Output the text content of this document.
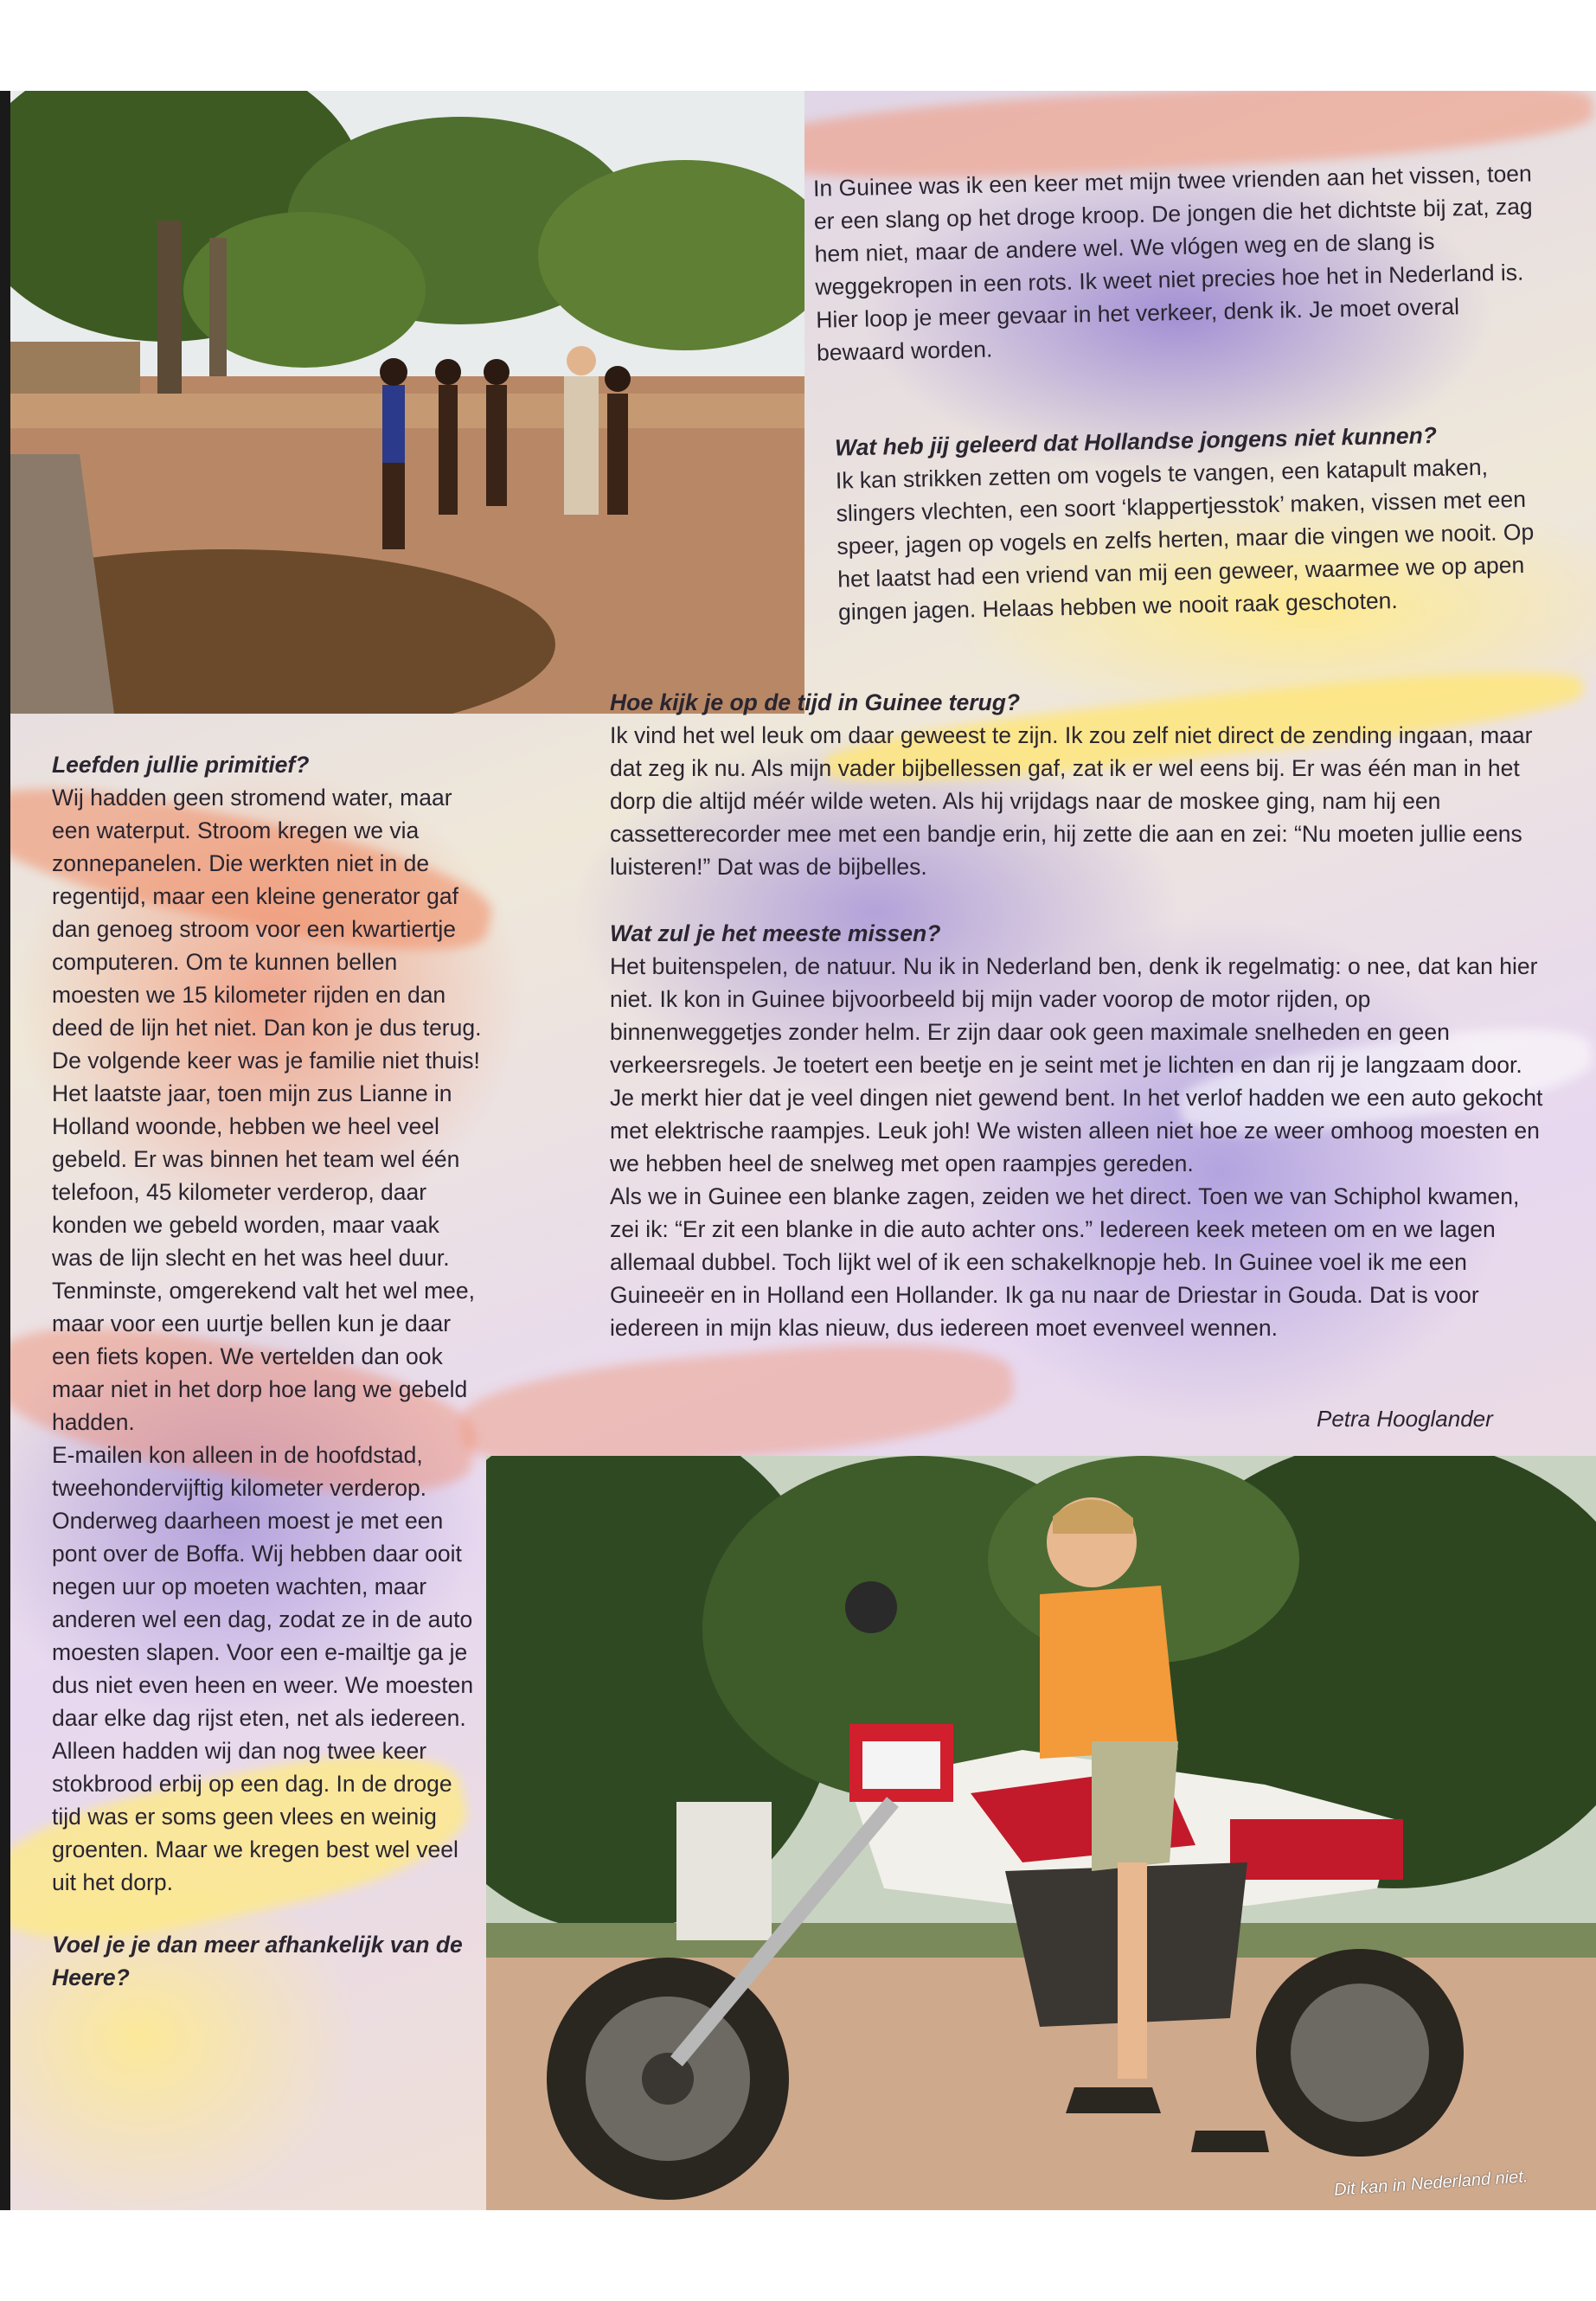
In Guinee was ik een keer met mijn twee vrienden aan het vissen, toen er een slang op het droge kroop. De jongen die het dichtste bij zat, zag hem niet, maar de andere wel. We vlógen weg en de slang is weggekropen in een rots. Ik weet niet precies hoe het in Nederland is. Hier loop je meer gevaar in het verkeer, denk ik. Je moet overal bewaard worden.

Wat heb jij geleerd dat Hollandse jongens niet kunnen?

Ik kan strikken zetten om vogels te vangen, een katapult maken, slingers vlechten, een soort ‘klappertjesstok’ maken, vissen met een speer, jagen op vogels en zelfs herten, maar die vingen we nooit. Op het laatst had een vriend van mij een geweer, waarmee we op apen gingen jagen. Helaas hebben we nooit raak geschoten.

Hoe kijk je op de tijd in Guinee terug?

Ik vind het wel leuk om daar geweest te zijn. Ik zou zelf niet direct de zending ingaan, maar dat zeg ik nu. Als mijn vader bijbellessen gaf, zat ik er wel eens bij. Er was één man in het dorp die altijd méér wilde weten. Als hij vrijdags naar de moskee ging, nam hij een cassetterecorder mee met een bandje erin, hij zette die aan en zei: “Nu moeten jullie eens luisteren!” Dat was de bijbelles.

Wat zul je het meeste missen?

Het buitenspelen, de natuur. Nu ik in Nederland ben, denk ik regelmatig: o nee, dat kan hier niet. Ik kon in Guinee bijvoorbeeld bij mijn vader voorop de motor rijden, op binnenweggetjes zonder helm. Er zijn daar ook geen maximale snelheden en geen verkeersregels. Je toetert een beetje en je seint met je lichten en dan rij je langzaam door. Je merkt hier dat je veel dingen niet gewend bent. In het verlof hadden we een auto gekocht met elektrische raampjes. Leuk joh! We wisten alleen niet hoe ze weer omhoog moesten en we hebben heel de snelweg met open raampjes gereden.

Als we in Guinee een blanke zagen, zeiden we het direct. Toen we van Schiphol kwamen, zei ik: “Er zit een blanke in die auto achter ons.” Iedereen keek meteen om en we lagen allemaal dubbel. Toch lijkt wel of ik een schakelknopje heb. In Guinee voel ik me een Guineeër en in Holland een Hollander. Ik ga nu naar de Driestar in Gouda. Dat is voor iedereen in mijn klas nieuw, dus iedereen moet evenveel wennen.

Petra Hooglander

Leefden jullie primitief?

Wij hadden geen stromend water, maar een waterput. Stroom kregen we via zonnepanelen. Die werkten niet in de regentijd, maar een kleine generator gaf dan genoeg stroom voor een kwartiertje computeren. Om te kunnen bellen moesten we 15 kilometer rijden en dan deed de lijn het niet. Dan kon je dus terug. De volgende keer was je familie niet thuis! Het laatste jaar, toen mijn zus Lianne in Holland woonde, hebben we heel veel gebeld. Er was binnen het team wel één telefoon, 45 kilometer verderop, daar konden we gebeld worden, maar vaak was de lijn slecht en het was heel duur. Tenminste, omgerekend valt het wel mee, maar voor een uurtje bellen kun je daar een fiets kopen. We vertelden dan ook maar niet in het dorp hoe lang we gebeld hadden.

E-mailen kon alleen in de hoofdstad, tweehondervijftig kilometer verderop. Onderweg daarheen moest je met een pont over de Boffa. Wij hebben daar ooit negen uur op moeten wachten, maar anderen wel een dag, zodat ze in de auto moesten slapen. Voor een e-mailtje ga je dus niet even heen en weer. We moesten daar elke dag rijst eten, net als iedereen. Alleen hadden wij dan nog twee keer stokbrood erbij op een dag. In de droge tijd was er soms geen vlees en weinig groenten. Maar we kregen best wel veel uit het dorp.

Voel je je dan meer afhankelijk van de Heere?

Dit kan in Nederland niet.
